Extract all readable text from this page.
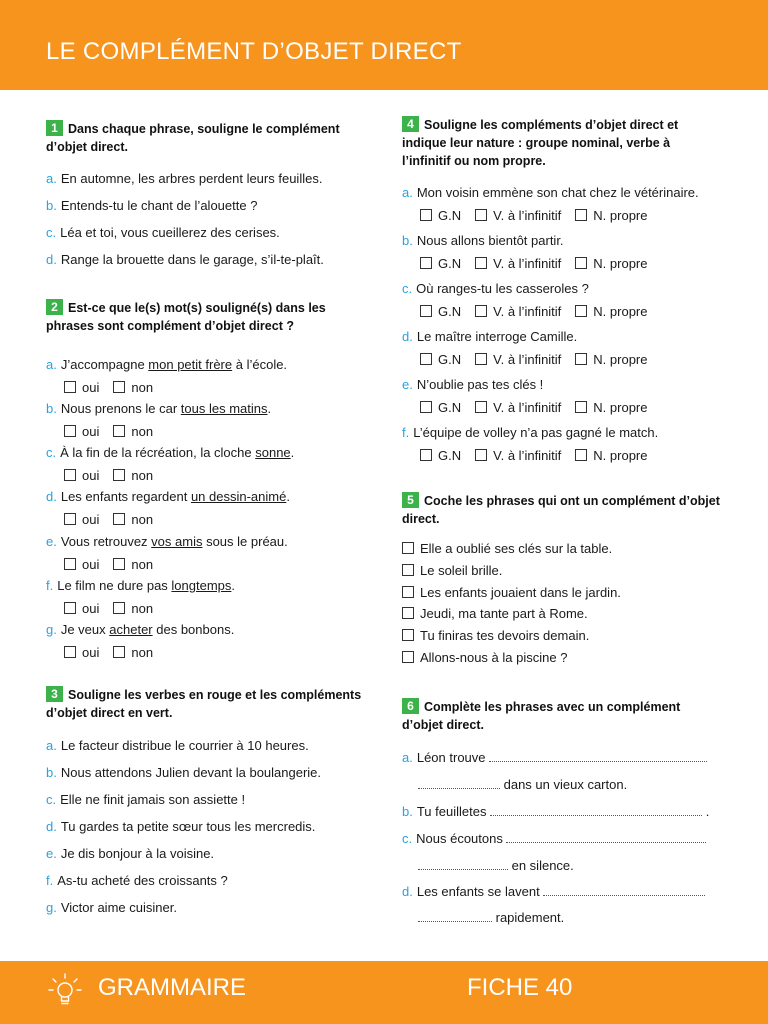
LE COMPLÉMENT D’OBJET DIRECT
1 Dans chaque phrase, souligne le complément d’objet direct.
2 Est-ce que le(s) mot(s) souligné(s) dans les phrases sont complément d’objet direct ?
3 Souligne les verbes en rouge et les compléments d’objet direct en vert.
4 Souligne les compléments d’objet direct et indique leur nature : groupe nominal, verbe à l’infinitif ou nom propre.
5 Coche les phrases qui ont un complément d’objet direct.
6 Complète les phrases avec un complément d’objet direct.
GRAMMAIRE	FICHE 40
a. En automne, les arbres perdent leurs feuilles.
b. Entends-tu le chant de l’alouette ?
c. Léa et toi, vous cueillerez des cerises.
d. Range la brouette dans le garage, s’il-te-plaît.
a. J’accompagne mon petit frère à l’école.
oui non
b. Nous prenons le car tous les matins.
oui non
c. À la fin de la récréation, la cloche sonne.
oui non
d. Les enfants regardent un dessin-animé.
oui non
e. Vous retrouvez vos amis sous le préau.
oui non
f. Le film ne dure pas longtemps.
oui non
g. Je veux acheter des bonbons.
oui non
a. Le facteur distribue le courrier à 10 heures.
b. Nous attendons Julien devant la boulangerie.
c. Elle ne finit jamais son assiette !
d. Tu gardes ta petite sœur tous les mercredis.
e. Je dis bonjour à la voisine.
f. As-tu acheté des croissants ?
g. Victor aime cuisiner.
a. Mon voisin emmène son chat chez le vétérinaire.
G.N V. à l’infinitif N. propre
b. Nous allons bientôt partir.
G.N V. à l’infinitif N. propre
c. Où ranges-tu les casseroles ?
G.N V. à l’infinitif N. propre
d. Le maître interroge Camille.
G.N V. à l’infinitif N. propre
e. N’oublie pas tes clés !
G.N V. à l’infinitif N. propre
f. L’équipe de volley n’a pas gagné le match.
G.N V. à l’infinitif N. propre
Elle a oublié ses clés sur la table.
Le soleil brille.
Les enfants jouaient dans le jardin.
Jeudi, ma tante part à Rome.
Tu finiras tes devoirs demain.
Allons-nous à la piscine ?
a. Léon trouve
dans un vieux carton.
b. Tu feuilletes	.
c. Nous écoutons
en silence.
d. Les enfants se lavent
rapidement.
